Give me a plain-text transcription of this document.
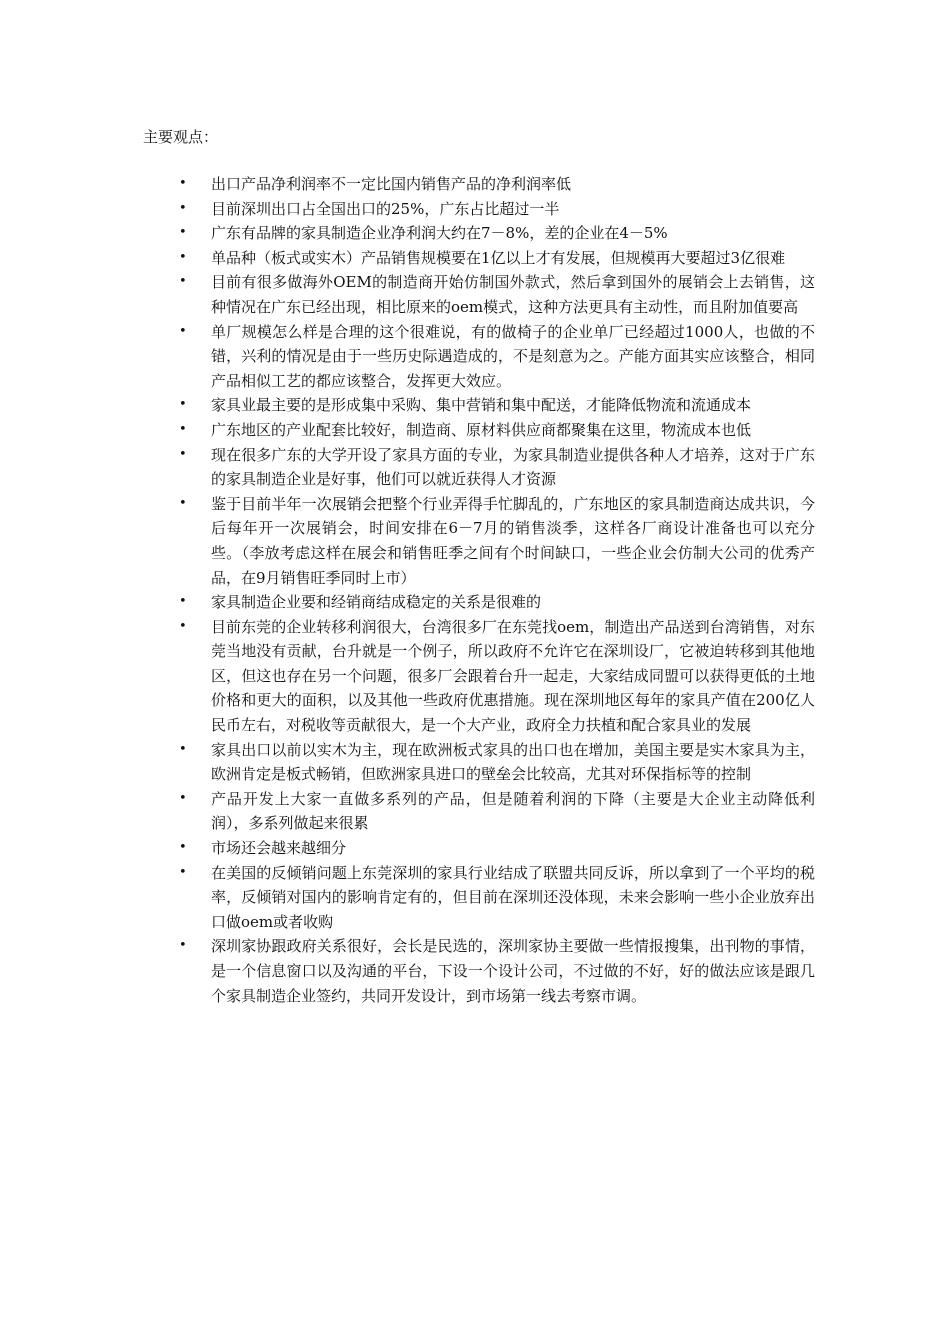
主要观点：

• 出口产品净利润率不一定比国内销售产品的净利润率低
• 目前深圳出口占全国出口的25%，广东占比超过一半
• 广东有品牌的家具制造企业净利润大约在7－8%，差的企业在4－5%
• 单品种（板式或实木）产品销售规模要在1亿以上才有发展，但规模再大要超过3亿很难
• 目前有很多做海外OEM的制造商开始仿制国外款式，然后拿到国外的展销会上去销售，这种情况在广东已经出现，相比原来的oem模式，这种方法更具有主动性，而且附加值要高
• 单厂规模怎么样是合理的这个很难说，有的做椅子的企业单厂已经超过1000人，也做的不错，兴利的情况是由于一些历史际遇造成的，不是刻意为之。产能方面其实应该整合，相同产品相似工艺的都应该整合，发挥更大效应。
• 家具业最主要的是形成集中采购、集中营销和集中配送，才能降低物流和流通成本
• 广东地区的产业配套比较好，制造商、原材料供应商都聚集在这里，物流成本也低
• 现在很多广东的大学开设了家具方面的专业，为家具制造业提供各种人才培养，这对于广东的家具制造企业是好事，他们可以就近获得人才资源
• 鉴于目前半年一次展销会把整个行业弄得手忙脚乱的，广东地区的家具制造商达成共识，今后每年开一次展销会，时间安排在6－7月的销售淡季，这样各厂商设计准备也可以充分些。（李放考虑这样在展会和销售旺季之间有个时间缺口，一些企业会仿制大公司的优秀产品，在9月销售旺季同时上市）
• 家具制造企业要和经销商结成稳定的关系是很难的
• 目前东莞的企业转移利润很大，台湾很多厂在东莞找oem，制造出产品送到台湾销售，对东莞当地没有贡献，台升就是一个例子，所以政府不允许它在深圳设厂，它被迫转移到其他地区，但这也存在另一个问题，很多厂会跟着台升一起走，大家结成同盟可以获得更低的土地价格和更大的面积，以及其他一些政府优惠措施。现在深圳地区每年的家具产值在200亿人民币左右，对税收等贡献很大，是一个大产业，政府全力扶植和配合家具业的发展
• 家具出口以前以实木为主，现在欧洲板式家具的出口也在增加，美国主要是实木家具为主，欧洲肯定是板式畅销，但欧洲家具进口的壁垒会比较高，尤其对环保指标等的控制
• 产品开发上大家一直做多系列的产品，但是随着利润的下降（主要是大企业主动降低利润），多系列做起来很累
• 市场还会越来越细分
• 在美国的反倾销问题上东莞深圳的家具行业结成了联盟共同反诉，所以拿到了一个平均的税率，反倾销对国内的影响肯定有的，但目前在深圳还没体现，未来会影响一些小企业放弃出口做oem或者收购
• 深圳家协跟政府关系很好，会长是民选的，深圳家协主要做一些情报搜集，出刊物的事情，是一个信息窗口以及沟通的平台，下设一个设计公司，不过做的不好，好的做法应该是跟几个家具制造企业签约，共同开发设计，到市场第一线去考察市调。
